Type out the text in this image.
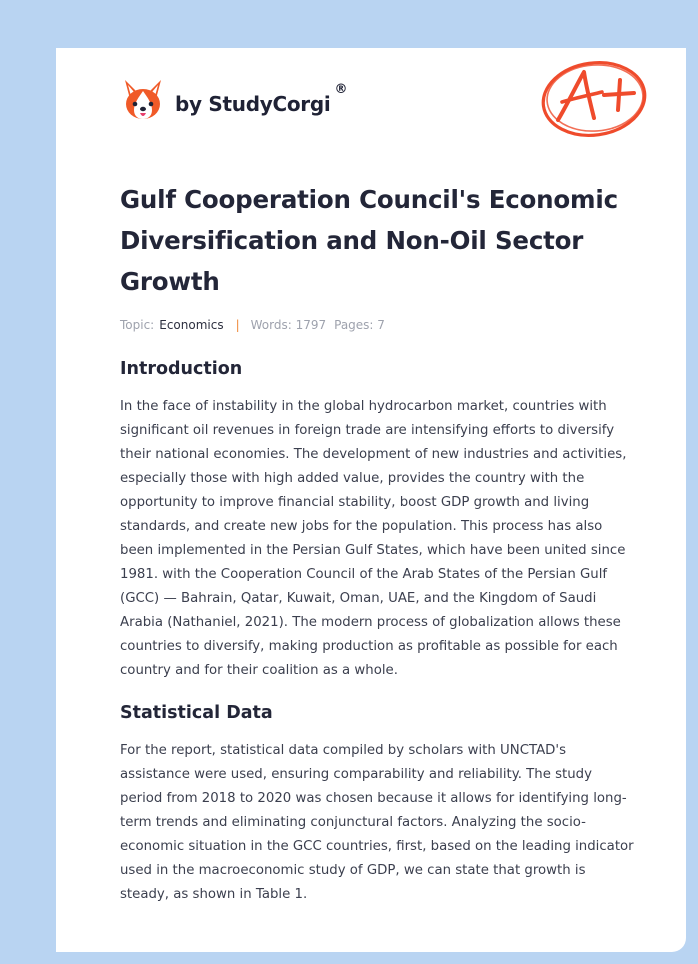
by StudyCorgi
®
Gulf Cooperation Council's Economic Diversification and Non-Oil Sector Growth
Topic: Economics | Words: 1797 Pages: 7
Introduction

In the face of instability in the global hydrocarbon market, countries with significant oil revenues in foreign trade are intensifying efforts to diversify their national economies. The development of new industries and activities, especially those with high added value, provides the country with the opportunity to improve financial stability, boost GDP growth and living standards, and create new jobs for the population. This process has also been implemented in the Persian Gulf States, which have been united since 1981. with the Cooperation Council of the Arab States of the Persian Gulf (GCC) — Bahrain, Qatar, Kuwait, Oman, UAE, and the Kingdom of Saudi Arabia (Nathaniel, 2021). The modern process of globalization allows these countries to diversify, making production as profitable as possible for each country and for their coalition as a whole.

Statistical Data

For the report, statistical data compiled by scholars with UNCTAD's assistance were used, ensuring comparability and reliability. The study period from 2018 to 2020 was chosen because it allows for identifying long-term trends and eliminating conjunctural factors. Analyzing the socio-economic situation in the GCC countries, first, based on the leading indicator used in the macroeconomic study of GDP, we can state that growth is steady, as shown in Table 1.
